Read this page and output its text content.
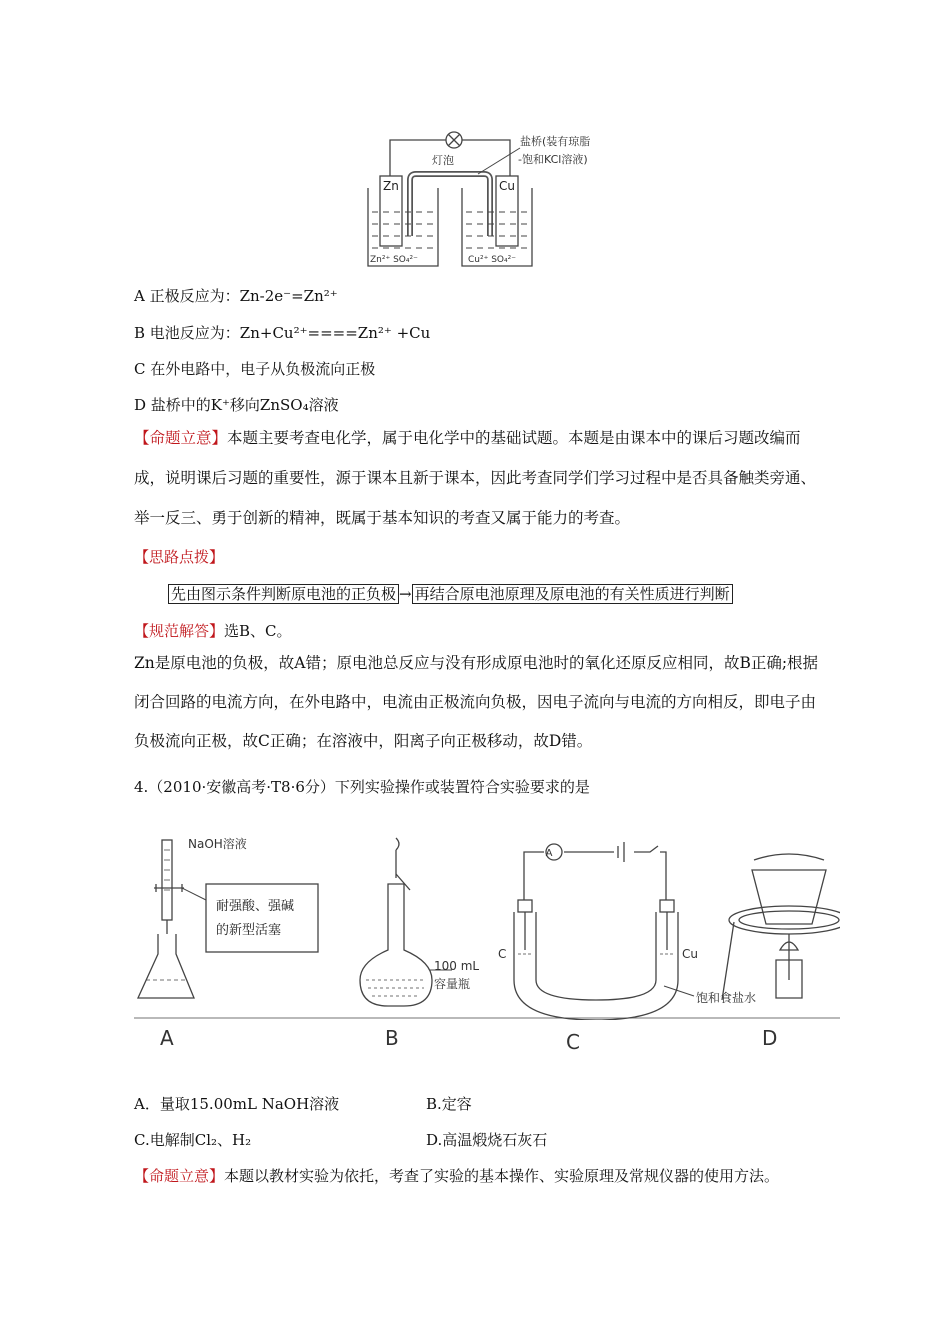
灯泡
盐桥(装有琼脂
-饱和KCl溶液)
Zn	Cu
Zn²⁺ SO₄²⁻	Cu²⁺ SO₄²⁻
A 正极反应为：Zn-2e⁻=Zn²⁺
B 电池反应为：Zn+Cu²⁺====Zn²⁺ +Cu
C 在外电路中，电子从负极流向正极
D 盐桥中的K⁺移向ZnSO₄溶液
【命题立意】本题主要考查电化学，属于电化学中的基础试题。本题是由课本中的课后习题改编而成，说明课后习题的重要性，源于课本且新于课本，因此考查同学们学习过程中是否具备触类旁通、举一反三、勇于创新的精神，既属于基本知识的考查又属于能力的考查。
【思路点拨】
先由图示条件判断原电池的正负极 → 再结合原电池原理及原电池的有关性质进行判断
【规范解答】选B、C。
Zn是原电池的负极，故A错；原电池总反应与没有形成原电池时的氧化还原反应相同，故B正确;根据闭合回路的电流方向，在外电路中，电流由正极流向负极，因电子流向与电流的方向相反，即电子由负极流向正极，故C正确；在溶液中，阳离子向正极移动，故D错。
4.（2010·安徽高考·T8·6分）下列实验操作或装置符合实验要求的是
A
NaOH溶液
耐强酸、强碱
的新型活塞
100 mL
容量瓶
C	Cu
饱和食盐水
A	B	C	D
A．量取15.00mL NaOH溶液	B.定容
C.电解制Cl₂、H₂	D.高温煅烧石灰石
【命题立意】本题以教材实验为依托，考查了实验的基本操作、实验原理及常规仪器的使用方法。
